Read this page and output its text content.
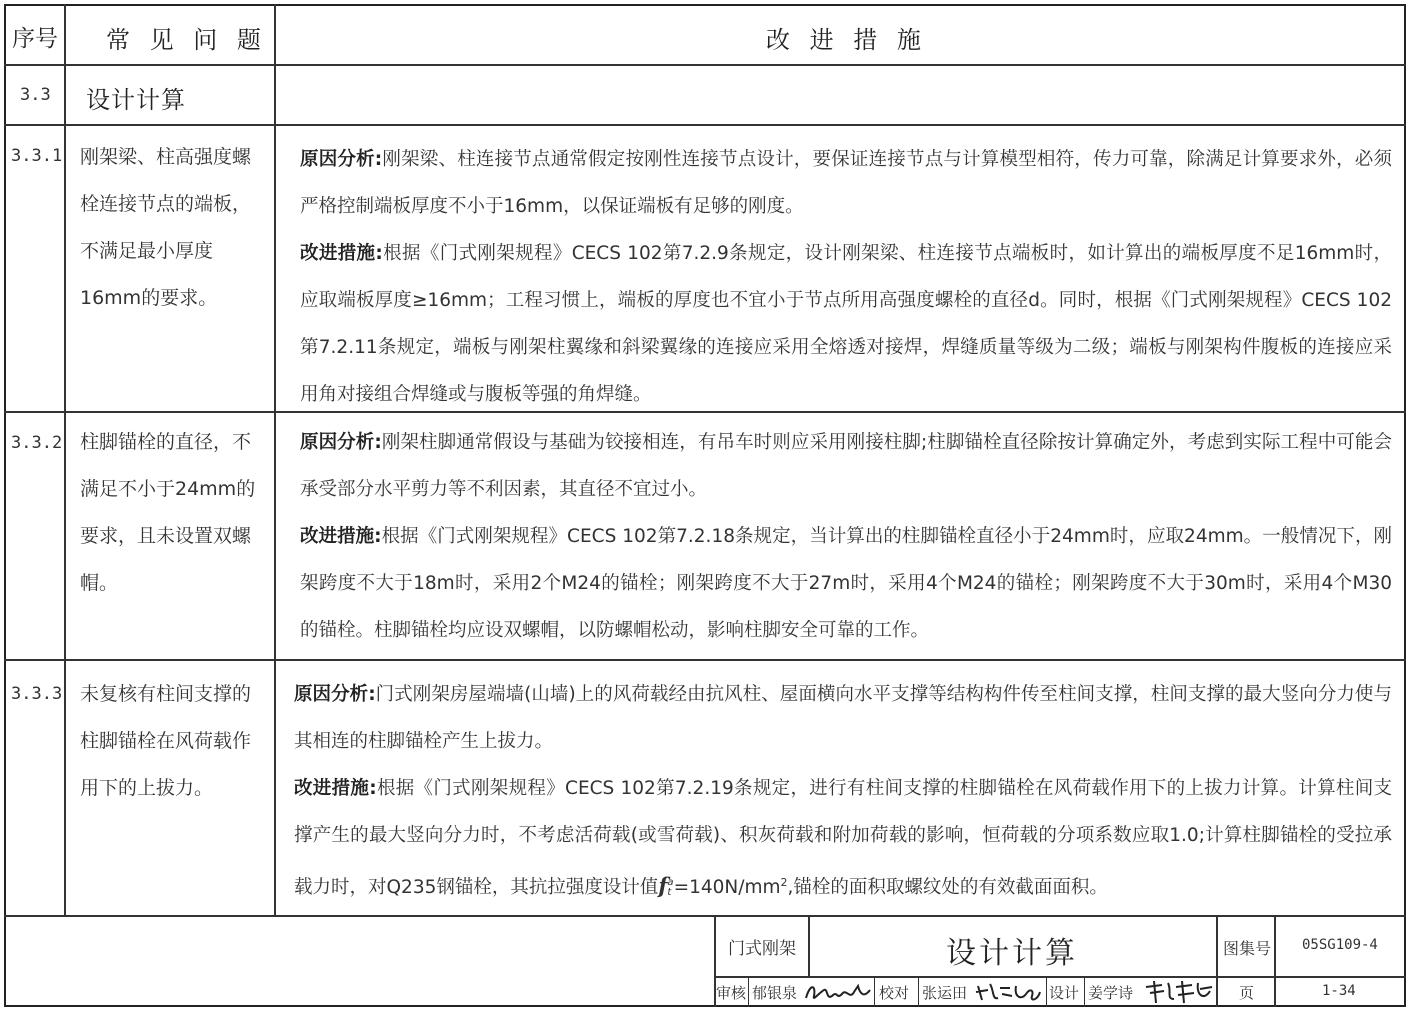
序号 常 见 问 题	改 进 措 施
3.3 设计计算
3.3.1 刚架梁、柱高强度螺栓连接节点的端板，不满足最小厚度16mm的要求。

原因分析:刚架梁、柱连接节点通常假定按刚性连接节点设计，要保证连接节点与计算模型相符，传力可靠，除满足计算要求外，必须严格控制端板厚度不小于16mm，以保证端板有足够的刚度。

改进措施:根据《门式刚架规程》CECS 102第7.2.9条规定，设计刚架梁、柱连接节点端板时，如计算出的端板厚度不足16mm时，应取端板厚度≥16mm；工程习惯上，端板的厚度也不宜小于节点所用高强度螺栓的直径d。同时，根据《门式刚架规程》CECS 102第7.2.11条规定，端板与刚架柱翼缘和斜梁翼缘的连接应采用全熔透对接焊，焊缝质量等级为二级；端板与刚架构件腹板的连接应采用角对接组合焊缝或与腹板等强的角焊缝。

3.3.2 柱脚锚栓的直径，不满足不小于24mm的要求，且未设置双螺帽。

原因分析:刚架柱脚通常假设与基础为铰接相连，有吊车时则应采用刚接柱脚;柱脚锚栓直径除按计算确定外，考虑到实际工程中可能会承受部分水平剪力等不利因素，其直径不宜过小。

改进措施:根据《门式刚架规程》CECS 102第7.2.18条规定，当计算出的柱脚锚栓直径小于24mm时，应取24mm。一般情况下，刚架跨度不大于18m时，采用2个M24的锚栓；刚架跨度不大于27m时，采用4个M24的锚栓；刚架跨度不大于30m时，采用4个M30的锚栓。柱脚锚栓均应设双螺帽，以防螺帽松动，影响柱脚安全可靠的工作。

3.3.3 未复核有柱间支撑的柱脚锚栓在风荷载作用下的上拔力。

原因分析:门式刚架房屋端墙(山墙)上的风荷载经由抗风柱、屋面横向水平支撑等结构构件传至柱间支撑，柱间支撑的最大竖向分力使与其相连的柱脚锚栓产生上拔力。

改进措施:根据《门式刚架规程》CECS 102第7.2.19条规定，进行有柱间支撑的柱脚锚栓在风荷载作用下的上拔力计算。计算柱间支撑产生的最大竖向分力时，不考虑活荷载(或雪荷载)、积灰荷载和附加荷载的影响，恒荷载的分项系数应取1.0;计算柱脚锚栓的受拉承载力时，对Q235钢锚栓，其抗拉强度设计值f a
$t =140N/mm^2$,锚栓的面积取螺纹处的有效截面面积。

门式刚架	设计计算	图集号 05SG109-4
审核 郁银泉	校对 张运田	设计 姜学诗	页	1-34
